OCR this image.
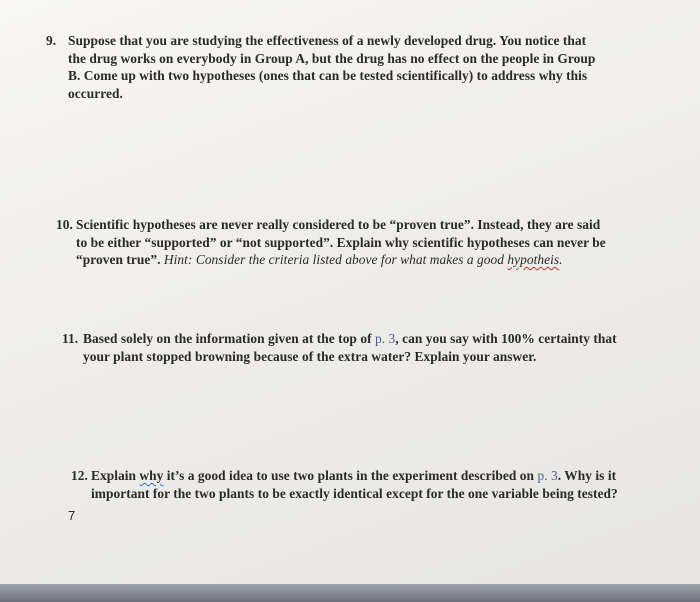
9. Suppose that you are studying the effectiveness of a newly developed drug. You notice that
the drug works on everybody in Group A, but the drug has no effect on the people in Group
B. Come up with two hypotheses (ones that can be tested scientifically) to address why this
occurred.
10. Scientific hypotheses are never really considered to be “proven true”. Instead, they are said
to be either “supported” or “not supported”. Explain why scientific hypotheses can never be
“proven true”. Hint: Consider the criteria listed above for what makes a good hypotheis.
11. Based solely on the information given at the top of p. 3, can you say with 100% certainty that
your plant stopped browning because of the extra water? Explain your answer.
12. Explain why it’s a good idea to use two plants in the experiment described on p. 3. Why is it
important for the two plants to be exactly identical except for the one variable being tested?
7
